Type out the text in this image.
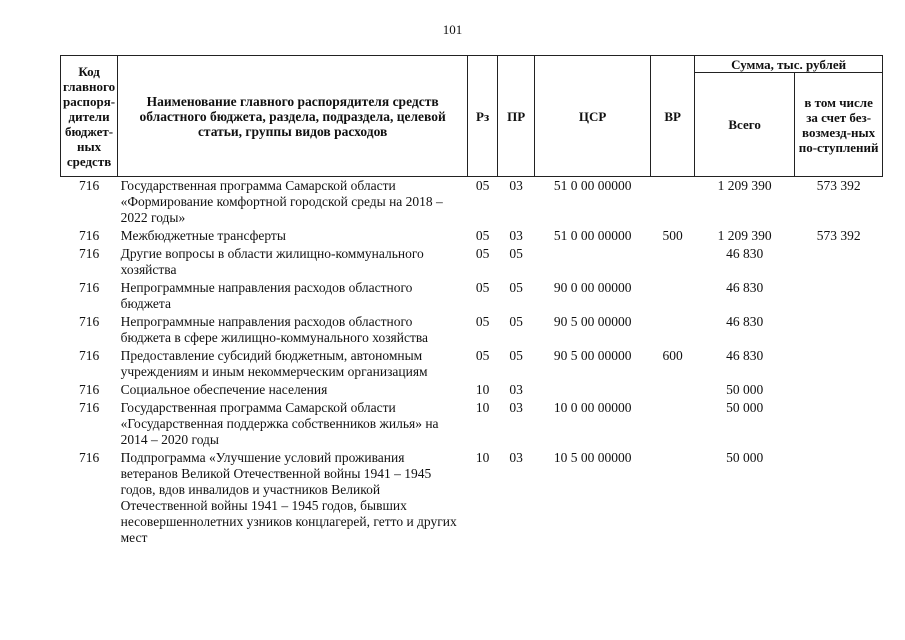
101
Код главного распоря-дители бюджет-ных средств	Наименование главного распорядителя средств областного бюджета, раздела, подраздела, целевой статьи, группы видов расходов	Рз	ПР	ЦСР	ВР	Сумма, тыс. рублей	
						Всего	в том числе за счет без-возмезд-ных по-ступлений
716	Государственная программа Самарской области «Формирование комфортной городской среды на 2018 – 2022 годы»	05	03	51 0 00 00000		1 209 390	573 392
716	Межбюджетные трансферты	05	03	51 0 00 00000	500	1 209 390	573 392
716	Другие вопросы в области жилищно-коммунального хозяйства	05	05			46 830	
716	Непрограммные направления расходов областного бюджета	05	05	90 0 00 00000		46 830	
716	Непрограммные направления расходов областного бюджета в сфере жилищно-коммунального хозяйства	05	05	90 5 00 00000		46 830	
716	Предоставление субсидий бюджетным, автономным учреждениям и иным некоммерческим организациям	05	05	90 5 00 00000	600	46 830	
716	Социальное обеспечение населения	10	03			50 000	
716	Государственная программа Самарской области «Государственная поддержка собственников жилья» на 2014 – 2020 годы	10	03	10 0 00 00000		50 000	
716	Подпрограмма «Улучшение условий проживания ветеранов Великой Отечественной войны 1941 – 1945 годов, вдов инвалидов и участников Великой Отечественной войны 1941 – 1945 годов, бывших несовершеннолетних узников концлагерей, гетто и других мест	10	03	10 5 00 00000		50 000	
